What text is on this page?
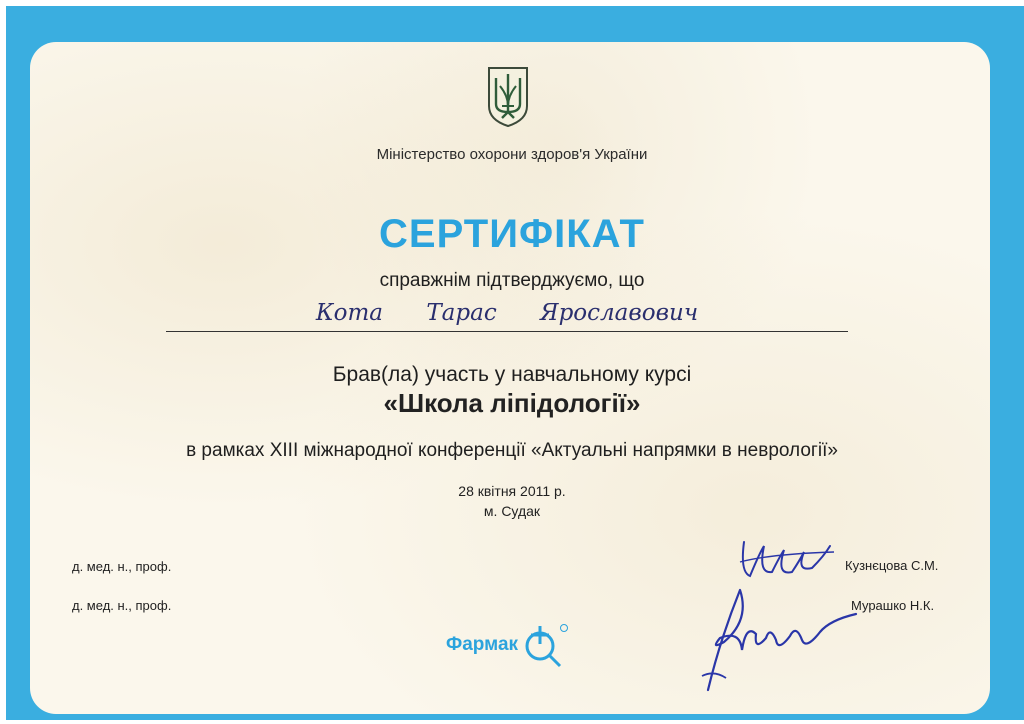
Міністерство охорони здоров'я України
СЕРТИФІКАТ
справжнім підтверджуємо, що
Кота Тарас Ярославович
Брав(ла) участь у навчальному курсі
«Школа ліпідології»
в рамках XIII міжнародної конференції «Актуальні напрямки в неврології»
28 квітня 2011 р.
м. Судак
д. мед. н., проф.
д. мед. н., проф.
Кузнєцова С.М.
Мурашко Н.К.
Фармак
